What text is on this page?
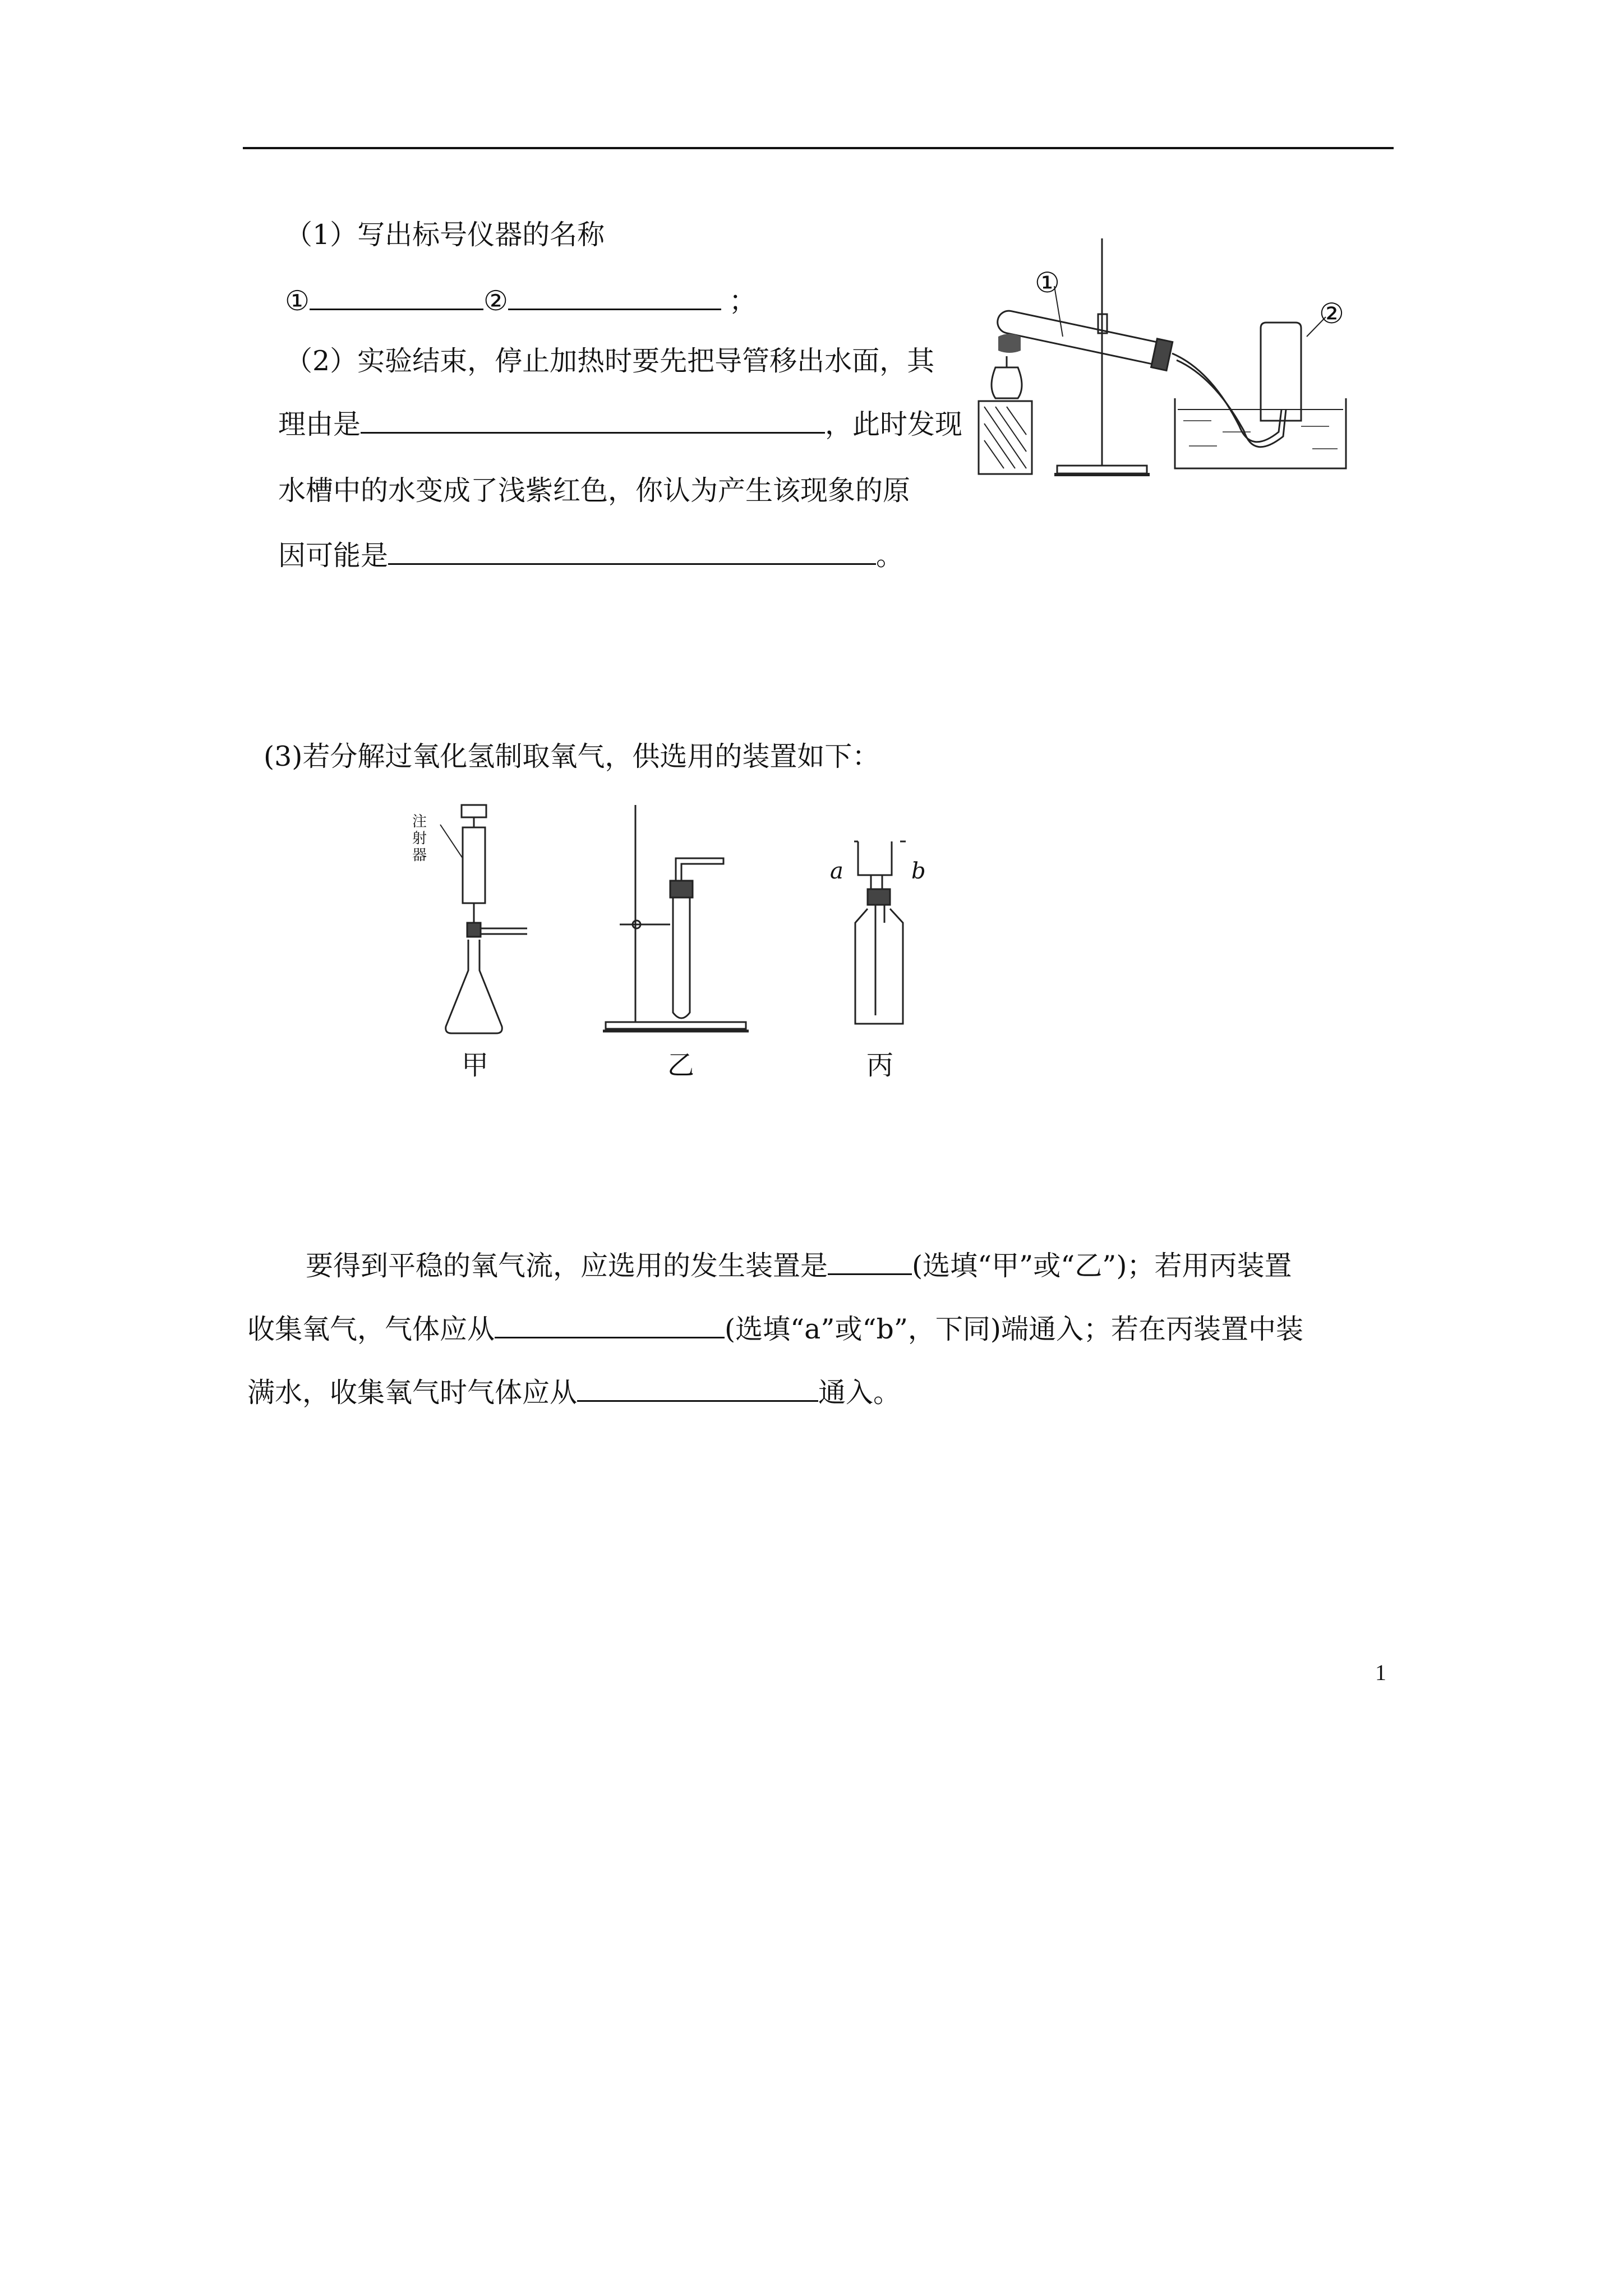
（1）写出标号仪器的名称
①	②	；
（2）实验结束，停止加热时要先把导管移出水面，其
理由是	，此时发现
水槽中的水变成了浅紫红色，你认为产生该现象的原
因可能是	。
①
②
(3)若分解过氧化氢制取氧气，供选用的装置如下：
注射器
甲	乙	丙
a	b
要得到平稳的氧气流，应选用的发生装置是	(选填“甲”或“乙”)；若用丙装置
收集氧气，气体应从	(选填“a”或“b”，下同)端通入；若在丙装置中装
满水，收集氧气时气体应从	通入。
1
